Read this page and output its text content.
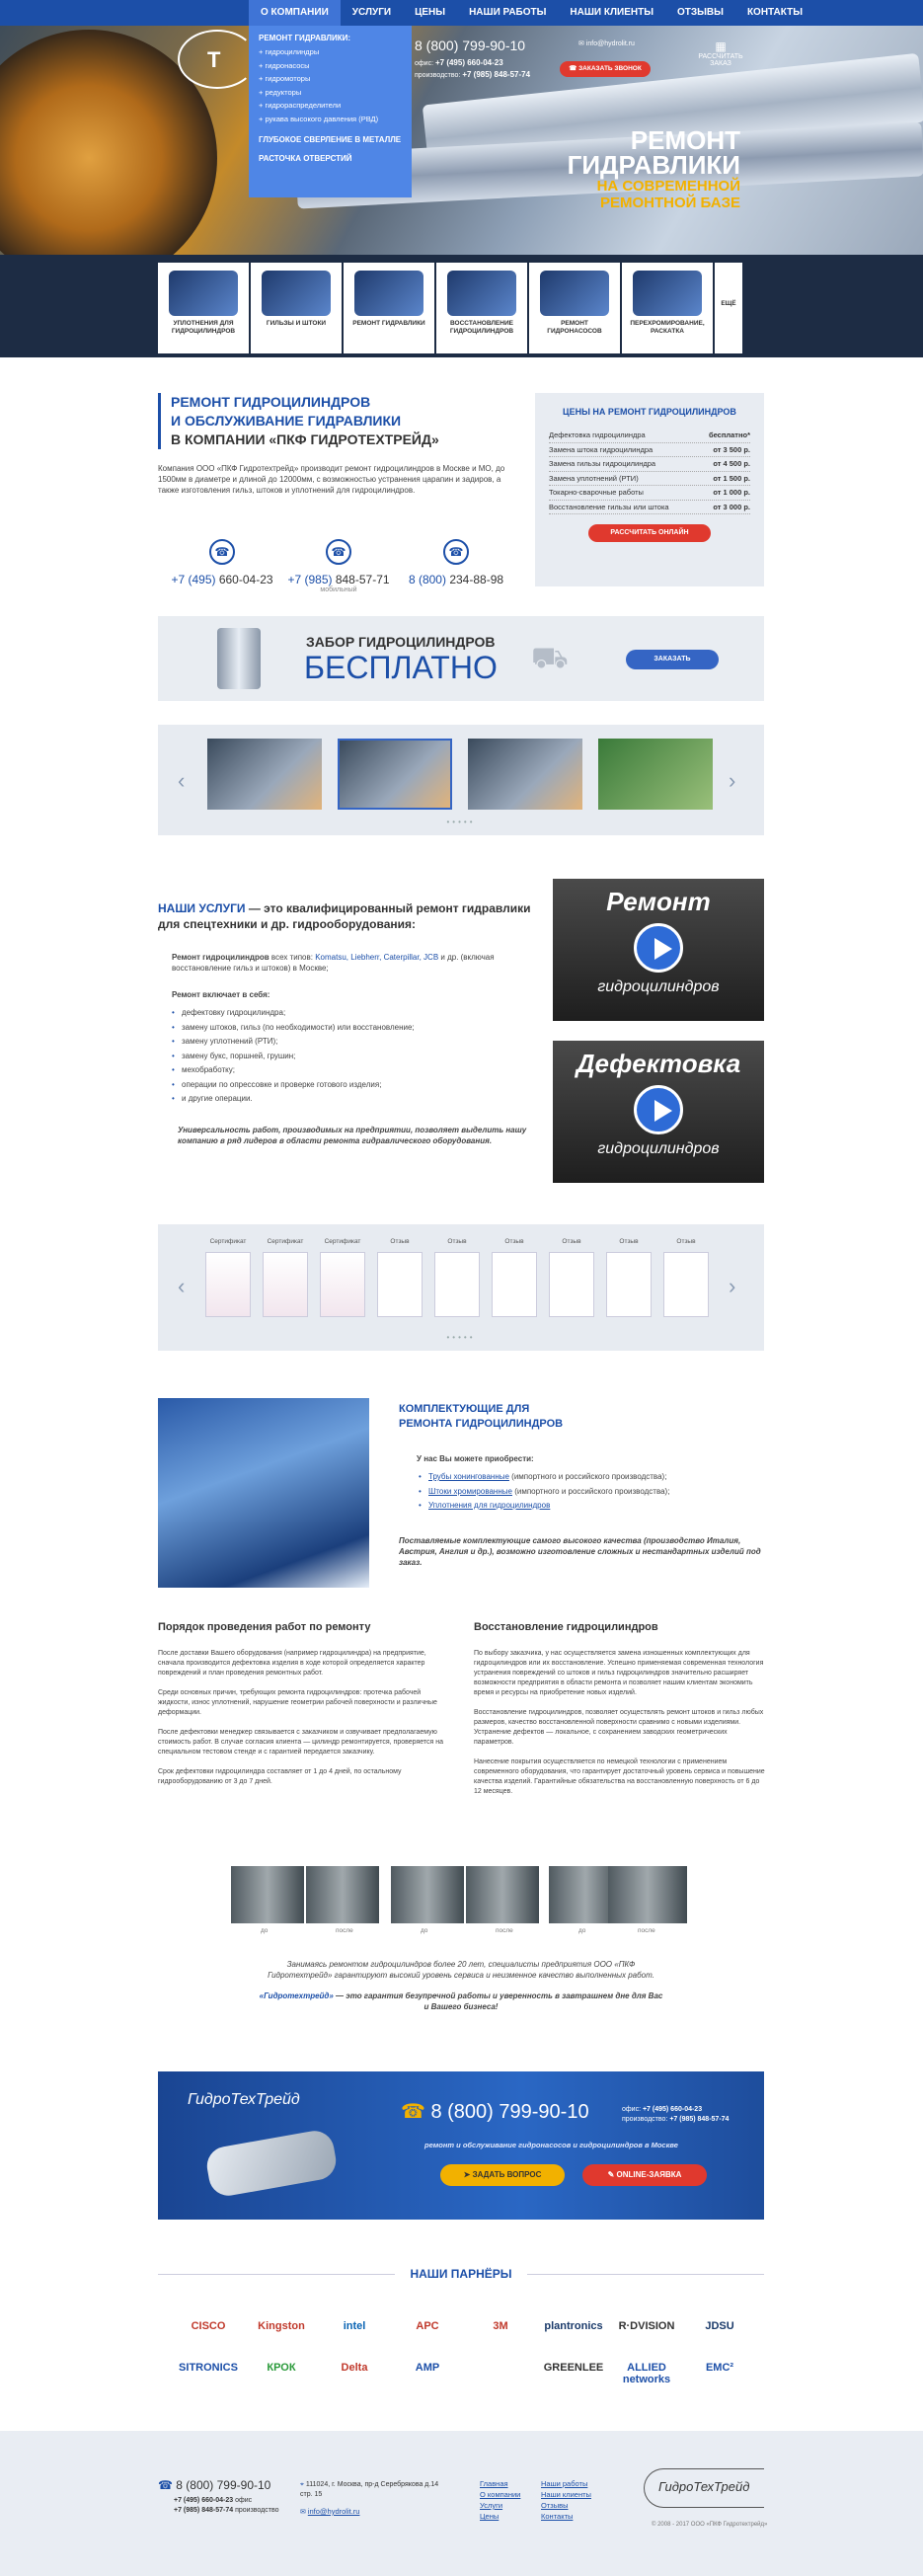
Т
8 (800) 799-90-10
офис: +7 (495) 660-04-23
производство: +7 (985) 848-57-74
✉ info@hydrolit.ru
☎ ЗАКАЗАТЬ ЗВОНОК
▦
РАССЧИТАТЬ ЗАКАЗ
РЕМОНТ
ГИДРАВЛИКИ
НА СОВРЕМЕННОЙ
РЕМОНТНОЙ БАЗЕ
О КОМПАНИИ	УСЛУГИ	ЦЕНЫ	НАШИ РАБОТЫ	НАШИ КЛИЕНТЫ	ОТЗЫВЫ	КОНТАКТЫ
РЕМОНТ ГИДРАВЛИКИ:
+ гидроцилиндры
+ гидронасосы
+ гидромоторы
+ редукторы
+ гидрораспределители
+ рукава высокого давления (РВД)
ГЛУБОКОЕ СВЕРЛЕНИЕ В МЕТАЛЛЕ
РАСТОЧКА ОТВЕРСТИЙ
УПЛОТНЕНИЯ ДЛЯ ГИДРОЦИЛИНДРОВ
ГИЛЬЗЫ И ШТОКИ	РЕМОНТ ГИДРАВЛИКИ	ВОССТАНОВЛЕНИЕ ГИДРОЦИЛИНДРОВ
РЕМОНТ ГИДРОНАСОСОВ
ПЕРЕХРОМИРОВАНИЕ, РАСКАТКА
ЕЩЁ
РЕМОНТ ГИДРОЦИЛИНДРОВ
И ОБСЛУЖИВАНИЕ ГИДРАВЛИКИ
В КОМПАНИИ «ПКФ ГИДРОТЕХТРЕЙД»

Компания ООО «ПКФ Гидротехтрейд» производит ремонт гидроцилиндров в Москве и МО, до 1500мм в диаметре и длиной до 12000мм, с возможностью устранения царапин и задиров, а также изготовления гильз, штоков и уплотнений для гидроцилиндров.

☎
+7 (495) 660-04-23
☎
+7 (985) 848-57-71
мобильный
☎
8 (800) 234-88-98
ЦЕНЫ НА РЕМОНТ ГИДРОЦИЛИНДРОВ
Дефектовка гидроцилиндра	бесплатно*
Замена штока гидроцилиндра	от 3 500 р.
Замена гильзы гидроцилиндра	от 4 500 р.
Замена уплотнений (РТИ)	от 1 500 р.
Токарно-сварочные работы	от 1 000 р.
Восстановление гильзы или штока	от 3 000 р.
РАССЧИТАТЬ ОНЛАЙН
ЗАБОР ГИДРОЦИЛИНДРОВ
БЕСПЛАТНО ⛟	ЗАКАЗАТЬ
‹	›
•••••
НАШИ УСЛУГИ — это квалифицированный ремонт гидравлики для спецтехники и др. гидрооборудования:

Ремонт гидроцилиндров всех типов: Komatsu, Liebherr, Caterpillar, JCB и др. (включая восстановление гильз и штоков) в Москве;

Ремонт включает в себя:

• дефектовку гидроцилиндра;
• замену штоков, гильз (по необходимости) или восстановление;
• замену уплотнений (РТИ);
• замену букс, поршней, грушин;
• мехобработку;
• операции по опрессовке и проверке готового изделия;
• и другие операции.

Универсальность работ, производимых на предприятии, позволяет выделить нашу компанию в ряд лидеров в области ремонта гидравлического оборудования.

Ремонт
гидроцилиндров
Дефектовка
гидроцилиндров
‹	›
•••••
Сертификат	Сертификат	Сертификат	Отзыв	Отзыв	Отзыв	Отзыв	Отзыв	Отзыв
КОМПЛЕКТУЮЩИЕ ДЛЯ
РЕМОНТА ГИДРОЦИЛИНДРОВ

У нас Вы можете приобрести:

• Трубы хонингованные (импортного и российского производства);
• Штоки хромированные (импортного и российского производства);
• Уплотнения для гидроцилиндров

Поставляемые комплектующие самого высокого качества (производство Италия, Австрия, Англия и др.), возможно изготовление сложных и нестандартных изделий под заказ.

Порядок проведения работ по ремонту

После доставки Вашего оборудования (например гидроцилиндра) на предприятие, сначала производится дефектовка изделия в ходе которой определяется характер повреждений и план проведения ремонтных работ.

Среди основных причин, требующих ремонта гидроцилиндров: протечка рабочей жидкости, износ уплотнений, нарушение геометрии рабочей поверхности и различные деформации.

После дефектовки менеджер связывается с заказчиком и озвучивает предполагаемую стоимость работ. В случае согласия клиента — цилиндр ремонтируется, проверяется на специальном тестовом стенде и с гарантией передается заказчику.

Срок дефектовки гидроцилиндра составляет от 1 до 4 дней, по остальному гидрооборудованию от 3 до 7 дней.

Восстановление гидроцилиндров

По выбору заказчика, у нас осуществляется замена изношенных комплектующих для гидроцилиндров или их восстановление. Успешно применяемая современная технология устранения повреждений со штоков и гильз гидроцилиндров значительно расширяет возможности предприятия в области ремонта и позволяет нашим клиентам экономить время и ресурсы на приобретение новых изделий.

Восстановление гидроцилиндров, позволяет осуществлять ремонт штоков и гильз любых размеров, качество восстановленной поверхности сравнимо с новыми изделиями. Устранение дефектов — локальное, с сохранением заводских геометрических параметров.

Нанесение покрытия осуществляется по немецкой технологии с применением современного оборудования, что гарантирует достаточный уровень сервиса и повышение качества изделий. Гарантийные обязательства на восстановленную поверхность от 6 до 12 месяцев.

до	после	до	после	до	после

Занимаясь ремонтом гидроцилиндров более 20 лет, специалисты предприятия ООО «ПКФ Гидротехтрейд» гарантируют высокий уровень сервиса и неизменное качество выполненных работ.

«Гидротехтрейд» — это гарантия безупречной работы и уверенность в завтрашнем дне для Вас и Вашего бизнеса!

ГидроТехТрейд
☎ 8 (800) 799-90-10	офис: +7 (495) 660-04-23
производство: +7 (985) 848-57-74
ремонт и обслуживание гидронасосов и гидроцилиндров в Москве
➤ ЗАДАТЬ ВОПРОС	✎ ONLINE-ЗАЯВКА
НАШИ ПАРНЁРЫ
CISCO	Kingston	intel	APC	3M	plantronics	R·DVISION	JDSU
SITRONICS	КРОК	Delta	AMP	GREENLEE	ALLIED networks
EMC²
☎ 8 (800) 799-90-10
+7 (495) 660-04-23 офис
+7 (985) 848-57-74 производство
⌖ 111024, г. Москва, пр-д Серебрякова д.14 стр. 15
✉ info@hydrolit.ru
Главная
О компании
Услуги
Цены
Наши работы
Наши клиенты
Отзывы
Контакты
ГидроТехТрейд
© 2008 - 2017 ООО «ПКФ Гидротехтрейд»
